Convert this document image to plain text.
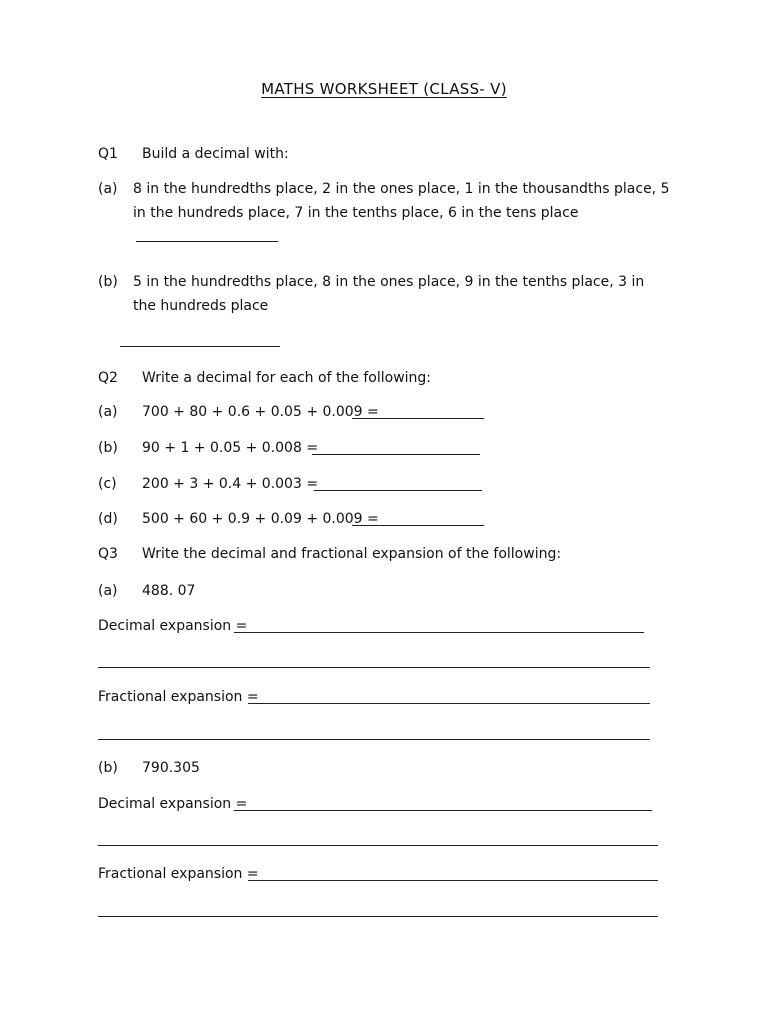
MATHS WORKSHEET (CLASS- V)
Q1 Build a decimal with:
(a) 8 in the hundredths place, 2 in the ones place, 1 in the thousandths place, 5 in the hundreds place, 7 in the tenths place, 6 in the tens place
(b) 5 in the hundredths place, 8 in the ones place, 9 in the tenths place, 3 in the hundreds place
Q2 Write a decimal for each of the following:
(a) 700 + 80 + 0.6 + 0.05 + 0.009 =
(b) 90 + 1 + 0.05 + 0.008 =
(c) 200 + 3 + 0.4 + 0.003 =
(d) 500 + 60 + 0.9 + 0.09 + 0.009 =
Q3 Write the decimal and fractional expansion of the following:
(a) 488. 07
Decimal expansion =
Fractional expansion =
(b) 790.305
Decimal expansion =
Fractional expansion =
